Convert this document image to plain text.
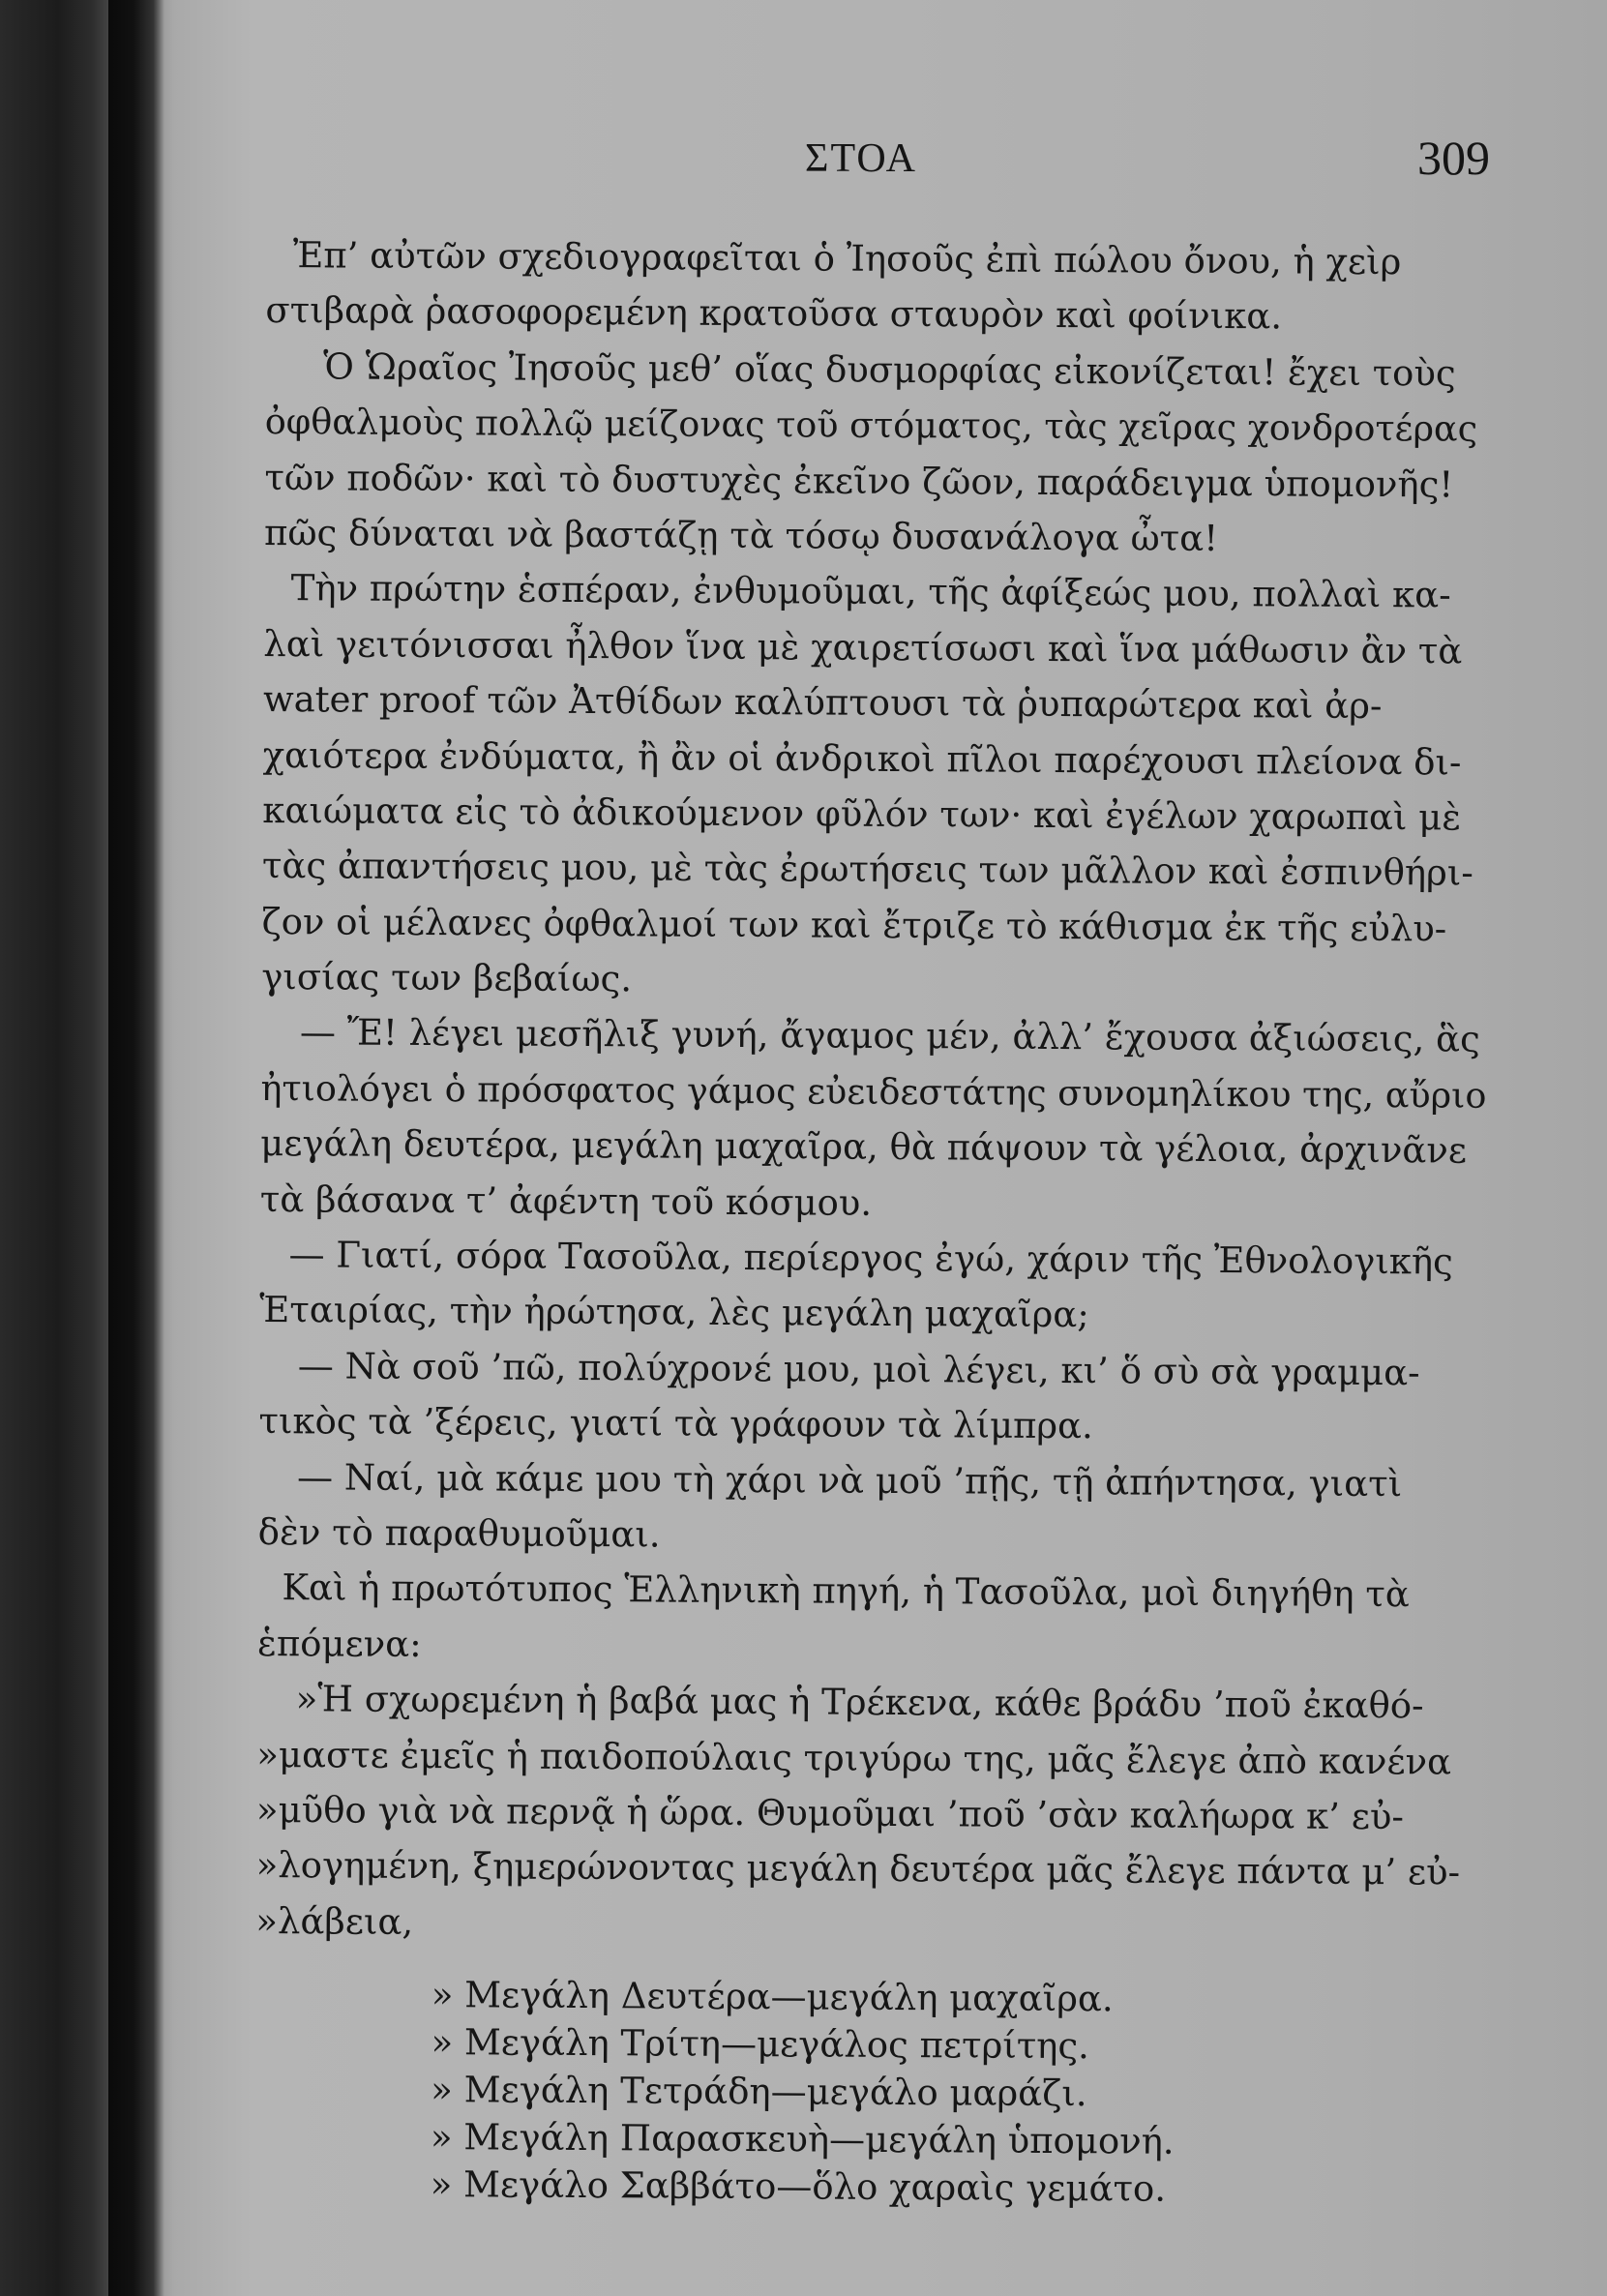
ΣΤΟΑ	309
Ἐπ’ αὐτῶν σχεδιογραφεῖται ὁ Ἰησοῦς ἐπὶ πώλου ὄνου, ἡ χεὶρ
στιβαρὰ ῥασοφορεμένη κρατοῦσα σταυρὸν καὶ φοίνικα.
Ὁ Ὡραῖος Ἰησοῦς μεθ’ οἵας δυσμορφίας εἰκονίζεται! ἔχει τοὺς
ὀφθαλμοὺς πολλῷ μείζονας τοῦ στόματος, τὰς χεῖρας χονδροτέρας
τῶν ποδῶν· καὶ τὸ δυστυχὲς ἐκεῖνο ζῶον, παράδειγμα ὑπομονῆς!
πῶς δύναται νὰ βαστάζῃ τὰ τόσῳ δυσανάλογα ὦτα!
Τὴν πρώτην ἑσπέραν, ἐνθυμοῦμαι, τῆς ἀφίξεώς μου, πολλαὶ κα-
λαὶ γειτόνισσαι ἦλθον ἵνα μὲ χαιρετίσωσι καὶ ἵνα μάθωσιν ἂν τὰ
water proof τῶν Ἀτθίδων καλύπτουσι τὰ ῥυπαρώτερα καὶ ἀρ-
χαιότερα ἐνδύματα, ἢ ἂν οἱ ἀνδρικοὶ πῖλοι παρέχουσι πλείονα δι-
καιώματα εἰς τὸ ἀδικούμενον φῦλόν των· καὶ ἐγέλων χαρωπαὶ μὲ
τὰς ἀπαντήσεις μου, μὲ τὰς ἐρωτήσεις των μᾶλλον καὶ ἐσπινθήρι-
ζον οἱ μέλανες ὀφθαλμοί των καὶ ἔτριζε τὸ κάθισμα ἐκ τῆς εὐλυ-
γισίας των βεβαίως.
— Ἔ! λέγει μεσῆλιξ γυνή, ἄγαμος μέν, ἀλλ’ ἔχουσα ἀξιώσεις, ἃς
ἠτιολόγει ὁ πρόσφατος γάμος εὐειδεστάτης συνομηλίκου της, αὔριο
μεγάλη δευτέρα, μεγάλη μαχαῖρα, θὰ πάψουν τὰ γέλοια, ἀρχινᾶνε
τὰ βάσανα τ’ ἀφέντη τοῦ κόσμου.
— Γιατί, σόρα Τασοῦλα, περίεργος ἐγώ, χάριν τῆς Ἐθνολογικῆς
Ἑταιρίας, τὴν ἠρώτησα, λὲς μεγάλη μαχαῖρα;
— Νὰ σοῦ ’πῶ, πολύχρονέ μου, μοὶ λέγει, κι’ ὅ σὺ σὰ γραμμα-
τικὸς τὰ ’ξέρεις, γιατί τὰ γράφουν τὰ λίμπρα.
— Ναί, μὰ κάμε μου τὴ χάρι νὰ μοῦ ’πῇς, τῇ ἀπήντησα, γιατὶ
δὲν τὸ παραθυμοῦμαι.
Καὶ ἡ πρωτότυπος Ἑλληνικὴ πηγή, ἡ Τασοῦλα, μοὶ διηγήθη τὰ
ἑπόμενα:
»Ἡ σχωρεμένη ἡ βαβά μας ἡ Τρέκενα, κάθε βράδυ ’ποῦ ἐκαθό-
»μαστε ἐμεῖς ἡ παιδοπούλαις τριγύρω της, μᾶς ἔλεγε ἀπὸ κανένα
»μῦθο γιὰ νὰ περνᾷ ἡ ὥρα. Θυμοῦμαι ’ποῦ ’σὰν καλήωρα κ’ εὐ-
»λογημένη, ξημερώνοντας μεγάλη δευτέρα μᾶς ἔλεγε πάντα μ’ εὐ-
»λάβεια,
» Μεγάλη Δευτέρα—μεγάλη μαχαῖρα.
» Μεγάλη Τρίτη—μεγάλος πετρίτης.
» Μεγάλη Τετράδη—μεγάλο μαράζι.
» Μεγάλη Παρασκευὴ—μεγάλη ὑπομονή.
» Μεγάλο Σαββάτο—ὅλο χαραὶς γεμάτο.
